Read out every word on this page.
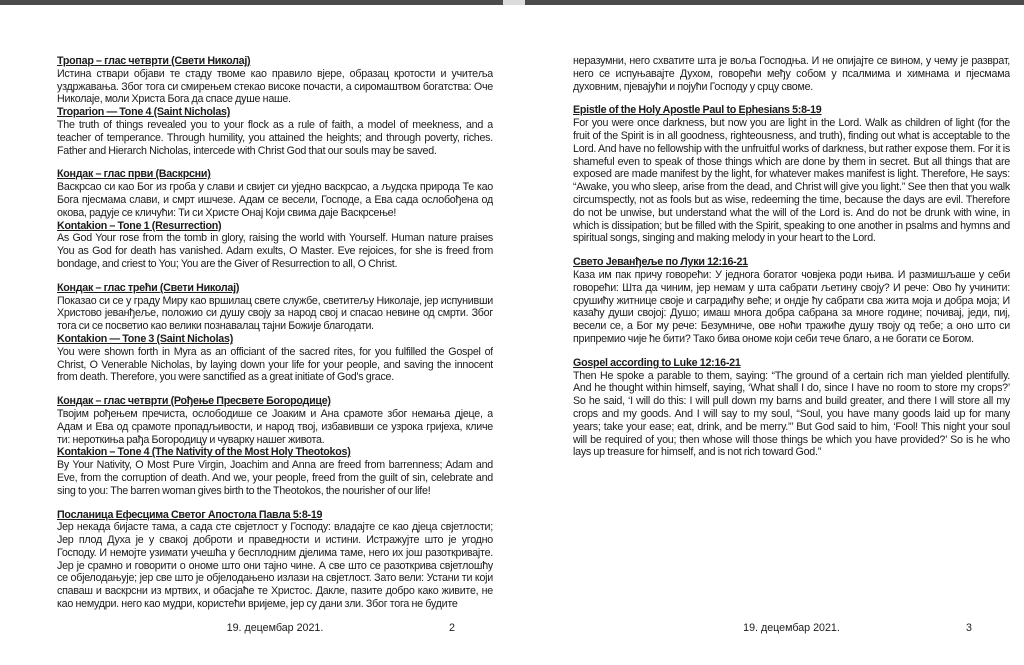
Тропар – глас четврти (Свети Николај)

Истина ствари објави те стаду твоме као правило вјере, образац кротости и учитеља уздржавања. Због тога си смирењем стекао високе почасти, а сиромаштвом богатства: Оче Николаје, моли Христа Бога да спасе душе наше.

Troparion — Tone 4 (Saint Nicholas)

The truth of things revealed you to your flock as a rule of faith, a model of meekness, and a teacher of temperance. Through humility, you attained the heights; and through poverty, riches. Father and Hierarch Nicholas, intercede with Christ God that our souls may be saved.

Кондак – глас први (Васкрсни)

Васкрсао си као Бог из гроба у слави и свијет си уједно васкрсао, а људска природа Те као Бога пјесмама слави, и смрт ишчезе. Адам се весели, Господе, а Ева сада ослобођена од окова, радује се кличући: Ти си Христе Онај Који свима даје Васкрсење!

Kontakion – Tone 1 (Resurrection)

As God Your rose from the tomb in glory, raising the world with Yourself. Human nature praises You as God for death has vanished. Adam exults, O Master. Eve rejoices, for she is freed from bondage, and criest to You; You are the Giver of Resurrection to all, O Christ.

Кондак – глас трећи (Свети Николај)

Показао си се у граду Миру као вршилац свете службе, светитељу Николаје, јер испунивши Христово јеванђеље, положио си душу своју за народ свој и спасао невине од смрти. Због тога си се посветио као велики познавалац тајни Божије благодати.

Kontakion — Tone 3 (Saint Nicholas)

You were shown forth in Myra as an officiant of the sacred rites, for you fulfilled the Gospel of Christ, O Venerable Nicholas, by laying down your life for your people, and saving the innocent from death. Therefore, you were sanctified as a great initiate of God's grace.

Кондак – глас четврти (Рођење Пресвете Богородице)

Твојим рођењем пречиста, ослободише се Јоаким и Ана срамоте због немања дјеце, а Адам и Ева од срамоте пропадљивости, и народ твој, избавивши се узрока гријеха, кличе ти: нероткиња рађа Богородицу и чуварку нашег живота.

Kontakion – Tone 4 (The Nativity of the Most Holy Theotokos)

By Your Nativity, O Most Pure Virgin, Joachim and Anna are freed from barrenness; Adam and Eve, from the corruption of death. And we, your people, freed from the guilt of sin, celebrate and sing to you: The barren woman gives birth to the Theotokos, the nourisher of our life!

Посланица Ефесцима Светог Апостола Павла 5:8-19

Јер некада бијасте тама, а сада сте свјетлост у Господу: владајте се као дјеца свјетлости; Јер плод Духа је у свакој доброти и праведности и истини. Истражујте што је угодно Господу. И немојте узимати учешћа у бесплодним дјелима таме, него их још разоткривајте. Јер је срамно и говорити о ономе што они тајно чине. А све што се разоткрива свјетлошћу се објелодањује; јер све што је објелодањено излази на свјетлост. Зато вели: Устани ти који спаваш и васкрсни из мртвих, и обасјаће те Христос. Дакле, пазите добро како живите, не као немудри. него као мудри, користећи вријеме, јер су дани зли. Због тога не будите

19. децембар 2021.	2

неразумни, него схватите шта је воља Господња. И не опијајте се вином, у чему је разврат, него се испуњавајте Духом, говорећи међу собом у псалмима и химнама и пјесмама духовним, пјевајући и појући Господу у срцу своме.

Epistle of the Holy Apostle Paul to Ephesians 5:8-19

For you were once darkness, but now you are light in the Lord. Walk as children of light (for the fruit of the Spirit is in all goodness, righteousness, and truth), finding out what is acceptable to the Lord. And have no fellowship with the unfruitful works of darkness, but rather expose them. For it is shameful even to speak of those things which are done by them in secret. But all things that are exposed are made manifest by the light, for whatever makes manifest is light. Therefore, He says: “Awake, you who sleep, arise from the dead, and Christ will give you light.” See then that you walk circumspectly, not as fools but as wise, redeeming the time, because the days are evil. Therefore do not be unwise, but understand what the will of the Lord is. And do not be drunk with wine, in which is dissipation; but be filled with the Spirit, speaking to one another in psalms and hymns and spiritual songs, singing and making melody in your heart to the Lord.

Свето Јеванђеље по Луки 12:16-21

Каза им пак причу говорећи: У једнога богатог човјека роди њива. И размишљаше у себи говорећи: Шта да чиним, јер немам у шта сабрати љетину своју? И рече: Ово ћу учинити: срушићу житнице своје и саградићу веће; и ондје ћу сабрати сва жита моја и добра моја; И казаћу души својој: Душо; имаш многа добра сабрана за многе године; почивај, једи, пиј, весели се, а Бог му рече: Безумниче, ове ноћи тражиће душу твоју од тебе; а оно што си припремио чије ће бити? Тако бива ономе који себи тече благо, а не богати се Богом.

Gospel according to Luke 12:16-21

Then He spoke a parable to them, saying: “The ground of a certain rich man yielded plentifully. And he thought within himself, saying, ‘What shall I do, since I have no room to store my crops?’ So he said, ‘I will do this: I will pull down my barns and build greater, and there I will store all my crops and my goods. And I will say to my soul, “Soul, you have many goods laid up for many years; take your ease; eat, drink, and be merry.”’ But God said to him, ‘Fool! This night your soul will be required of you; then whose will those things be which you have provided?’ So is he who lays up treasure for himself, and is not rich toward God.”

19. децембар 2021.	3
